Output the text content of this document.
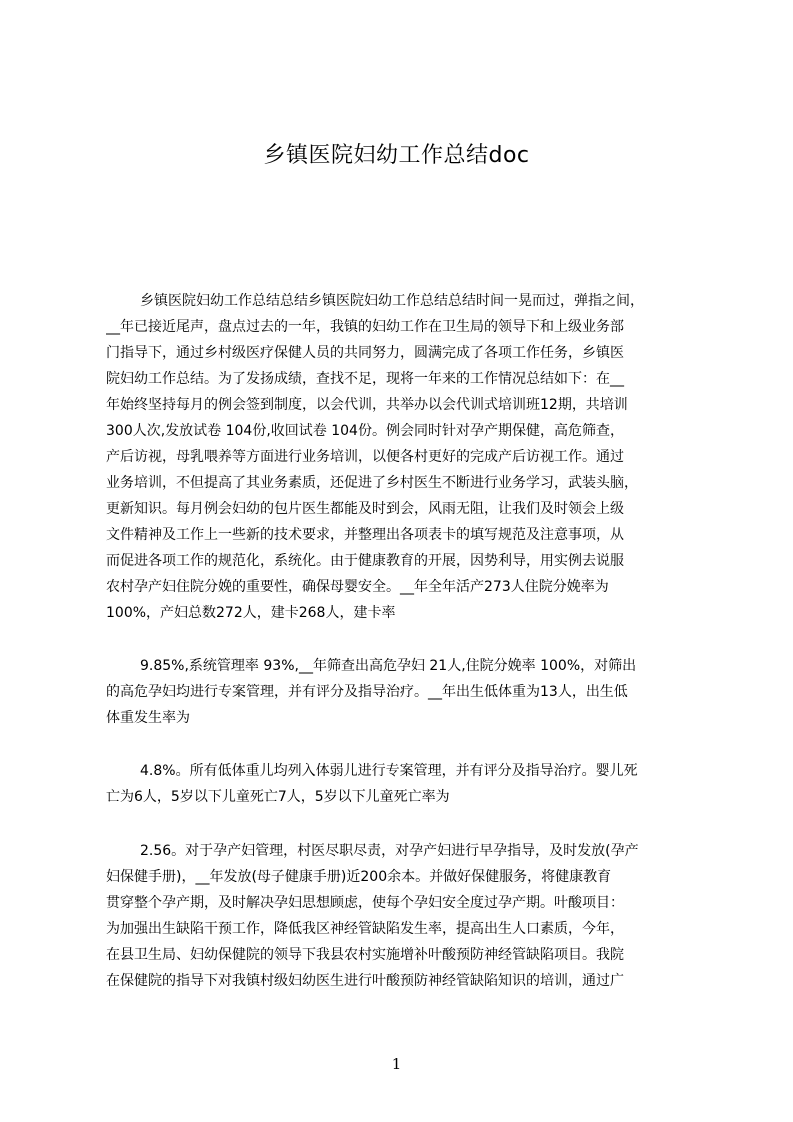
乡镇医院妇幼工作总结doc
乡镇医院妇幼工作总结总结乡镇医院妇幼工作总结总结时间一晃而过，弹指之间，
__年已接近尾声，盘点过去的一年，我镇的妇幼工作在卫生局的领导下和上级业务部
门指导下，通过乡村级医疗保健人员的共同努力，圆满完成了各项工作任务，乡镇医
院妇幼工作总结。为了发扬成绩，查找不足，现将一年来的工作情况总结如下：在__
年始终坚持每月的例会签到制度，以会代训，共举办以会代训式培训班12期，共培训
300人次,发放试卷 104份,收回试卷 104份。例会同时针对孕产期保健，高危筛查，
产后访视，母乳喂养等方面进行业务培训，以便各村更好的完成产后访视工作。通过
业务培训，不但提高了其业务素质，还促进了乡村医生不断进行业务学习，武装头脑，
更新知识。每月例会妇幼的包片医生都能及时到会，风雨无阻，让我们及时领会上级
文件精神及工作上一些新的技术要求，并整理出各项表卡的填写规范及注意事项，从
而促进各项工作的规范化，系统化。由于健康教育的开展，因势利导，用实例去说服
农村孕产妇住院分娩的重要性，确保母婴安全。__年全年活产273人住院分娩率为
100%，产妇总数272人，建卡268人，建卡率
9.85%,系统管理率 93%,__年筛查出高危孕妇 21人,住院分娩率 100%，对筛出
的高危孕妇均进行专案管理，并有评分及指导治疗。__年出生低体重为13人，出生低
体重发生率为
4.8%。所有低体重儿均列入体弱儿进行专案管理，并有评分及指导治疗。婴儿死
亡为6人，5岁以下儿童死亡7人，5岁以下儿童死亡率为
2.56。对于孕产妇管理，村医尽职尽责，对孕产妇进行早孕指导，及时发放(孕产
妇保健手册)，__年发放(母子健康手册)近200余本。并做好保健服务，将健康教育
贯穿整个孕产期，及时解决孕妇思想顾虑，使每个孕妇安全度过孕产期。叶酸项目：
为加强出生缺陷干预工作，降低我区神经管缺陷发生率，提高出生人口素质，今年，
在县卫生局、妇幼保健院的领导下我县农村实施增补叶酸预防神经管缺陷项目。我院
在保健院的指导下对我镇村级妇幼医生进行叶酸预防神经管缺陷知识的培训，通过广
1
